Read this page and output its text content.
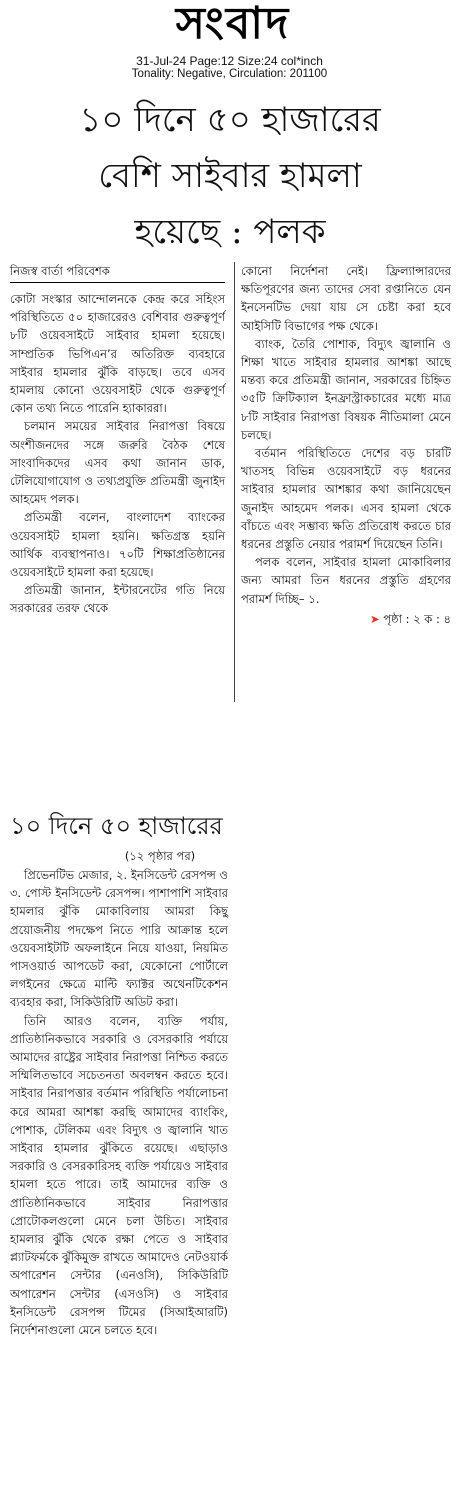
সংবাদ
31-Jul-24 Page:12 Size:24 col*inch
Tonality: Negative, Circulation: 201100
১০ দিনে ৫০ হাজারের
বেশি সাইবার হামলা
হয়েছে : পলক
নিজস্ব বার্তা পরিবেশক

কোটা সংস্কার আন্দোলনকে কেন্দ্র করে সহিংস পরিস্থিতিতে ৫০ হাজারেরও বেশিবার গুরুত্বপূর্ণ ৮টি ওয়েবসাইটে সাইবার হামলা হয়েছে। সাম্প্রতিক ভিপিএন’র অতিরিক্ত ব্যবহারে সাইবার হামলার ঝুঁকি বাড়ছে। তবে এসব হামলায় কোনো ওয়েবসাইট থেকে গুরুত্বপূর্ণ কোন তথ্য নিতে পারেনি হ্যাকাররা।

চলমান সময়ের সাইবার নিরাপত্তা বিষয়ে অংশীজনদের সঙ্গে জরুরি বৈঠক শেষে সাংবাদিকদের এসব কথা জানান ডাক, টেলিযোগাযোগ ও তথ্যপ্রযুক্তি প্রতিমন্ত্রী জুনাইদ আহমেদ পলক।

প্রতিমন্ত্রী বলেন, বাংলাদেশ ব্যাংকের ওয়েবসাইট হামলা হয়নি। ক্ষতিগ্রস্ত হয়নি আর্থিক ব্যবস্থাপনাও। ৭০টি শিক্ষাপ্রতিষ্ঠানের ওয়েবসাইটে হামলা করা হয়েছে।

প্রতিমন্ত্রী জানান, ইন্টারনেটের গতি নিয়ে সরকারের তরফ থেকে

কোনো নির্দেশনা নেই। ফ্রিল্যান্সারদের ক্ষতিপূরণের জন্য তাদের সেবা রপ্তানিতে যেন ইনসেনটিভ দেয়া যায় সে চেষ্টা করা হবে আইসিটি বিভাগের পক্ষ থেকে।

ব্যাংক, তৈরি পোশাক, বিদ্যুৎ জ্বালানি ও শিক্ষা খাতে সাইবার হামলার আশঙ্কা আছে মন্তব্য করে প্রতিমন্ত্রী জানান, সরকারের চিহ্নিত ৩৫টি ক্রিটিক্যাল ইনফ্রাস্ট্রাকচারের মধ্যে মাত্র ৮টি সাইবার নিরাপত্তা বিষয়ক নীতিমালা মেনে চলছে।

বর্তমান পরিস্থিতিতে দেশের বড় চারটি খাতসহ বিভিন্ন ওয়েবসাইটে বড় ধরনের সাইবার হামলার আশঙ্কার কথা জানিয়েছেন জুনাইদ আহমেদ পলক। এসব হামলা থেকে বাঁচতে এবং সম্ভাব্য ক্ষতি প্রতিরোধ করতে চার ধরনের প্রস্তুতি নেয়ার পরামর্শ দিয়েছেন তিনি।

পলক বলেন, সাইবার হামলা মোকাবিলার জন্য আমরা তিন ধরনের প্রস্তুতি গ্রহণের পরামর্শ দিচ্ছি– ১.

➤ পৃষ্ঠা : ২ ক : ৪
১০ দিনে ৫০ হাজারের
(১২ পৃষ্ঠার পর)

প্রিভেনটিভ মেজার, ২. ইনসিডেন্ট রেসপন্স ও ৩. পোস্ট ইনসিডেন্ট রেসপন্স। পাশাপাশি সাইবার হামলার ঝুঁকি মোকাবিলায় আমরা কিছু প্রয়োজনীয় পদক্ষেপ নিতে পারি আক্রান্ত হলে ওয়েবসাইটটি অফলাইনে নিয়ে যাওয়া, নিয়মিত পাসওয়ার্ড আপডেট করা, যেকোনো পোর্টালে লগইনের ক্ষেত্রে মাল্টি ফ্যাক্টর অথেনটিকেশন ব্যবহার করা, সিকিউরিটি অডিট করা।

তিনি আরও বলেন, ব্যক্তি পর্যায়, প্রাতিষ্ঠানিকভাবে সরকারি ও বেসরকারি পর্যায়ে আমাদের রাষ্ট্রের সাইবার নিরাপত্তা নিশ্চিত করতে সম্মিলিতভাবে সচেতনতা অবলম্বন করতে হবে। সাইবার নিরাপত্তার বর্তমান পরিস্থিতি পর্যালোচনা করে আমরা আশঙ্কা করছি আমাদের ব্যাংকিং, পোশাক, টেলিকম এবং বিদ্যুৎ ও জ্বালানি খাত সাইবার হামলার ঝুঁকিতে রয়েছে। এছাড়াও সরকারি ও বেসরকারিসহ ব্যক্তি পর্যায়েও সাইবার হামলা হতে পারে। তাই আমাদের ব্যক্তি ও প্রাতিষ্ঠানিকভাবে সাইবার নিরাপত্তার প্রোটোকলগুলো মেনে চলা উচিত। সাইবার হামলার ঝুঁকি থেকে রক্ষা পেতে ও সাইবার প্ল্যাটফর্মকে ঝুঁকিমুক্ত রাখতে আমাদেও নেটওয়ার্ক অপারেশন সেন্টার (এনওসি), সিকিউরিটি অপারেশন সেন্টার (এসওসি) ও সাইবার ইনসিডেন্ট রেসপন্স টিমের (সিআইআরটি) নির্দেশনাগুলো মেনে চলতে হবে।
